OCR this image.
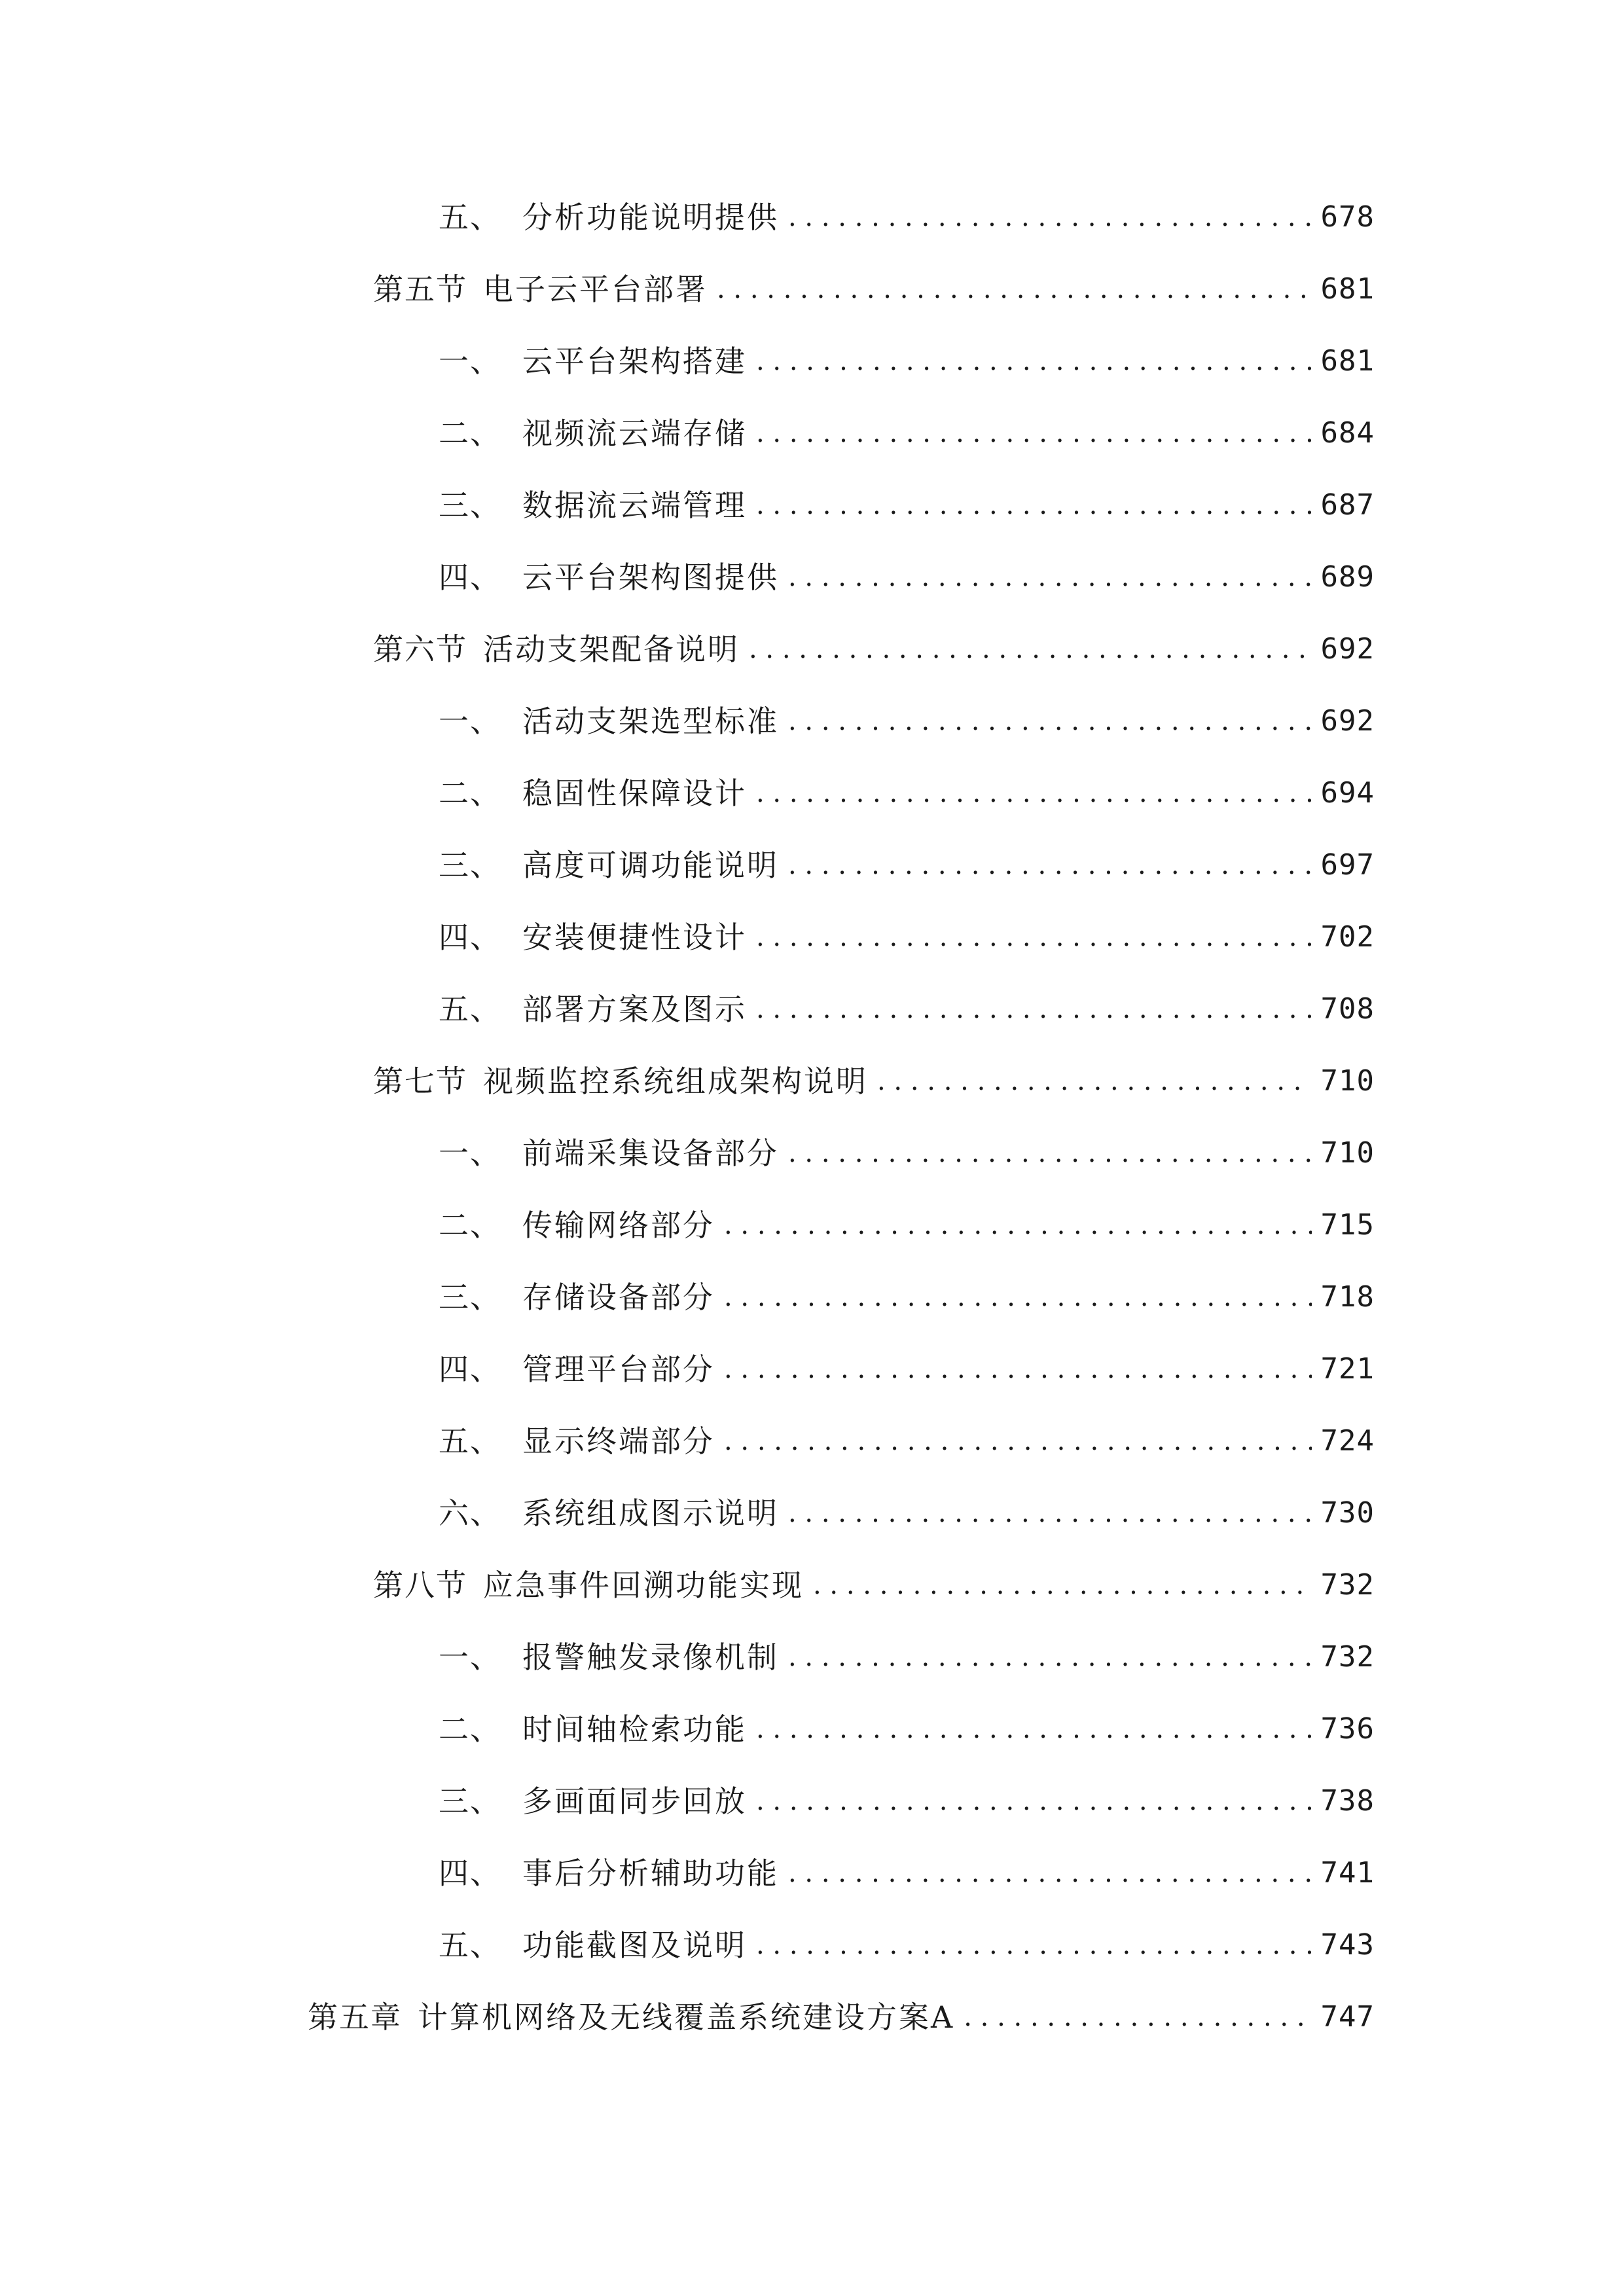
五、 分析功能说明提供 . . .	678
第五节 电子云平台部署 . . .	681
一、 云平台架构搭建 . . .	681
二、 视频流云端存储 . . .	684
三、 数据流云端管理 . . .	687
四、 云平台架构图提供 . . .	689
第六节 活动支架配备说明 . . .	692
一、 活动支架选型标准 . . .	692
二、 稳固性保障设计 . . .	694
三、 高度可调功能说明 . . .	697
四、 安装便捷性设计 . . .	702
五、 部署方案及图示 . . .	708
第七节 视频监控系统组成架构说明 . . .	710
一、 前端采集设备部分 . . .	710
二、 传输网络部分 . . .	715
三、 存储设备部分 . . .	718
四、 管理平台部分 . . .	721
五、 显示终端部分 . . .	724
六、 系统组成图示说明 . . .	730
第八节 应急事件回溯功能实现 . . .	732
一、 报警触发录像机制 . . .	732
二、 时间轴检索功能 . . .	736
三、 多画面同步回放 . . .	738
四、 事后分析辅助功能 . . .	741
五、 功能截图及说明 . . .	743
第五章 计算机网络及无线覆盖系统建设方案A . . .	747
